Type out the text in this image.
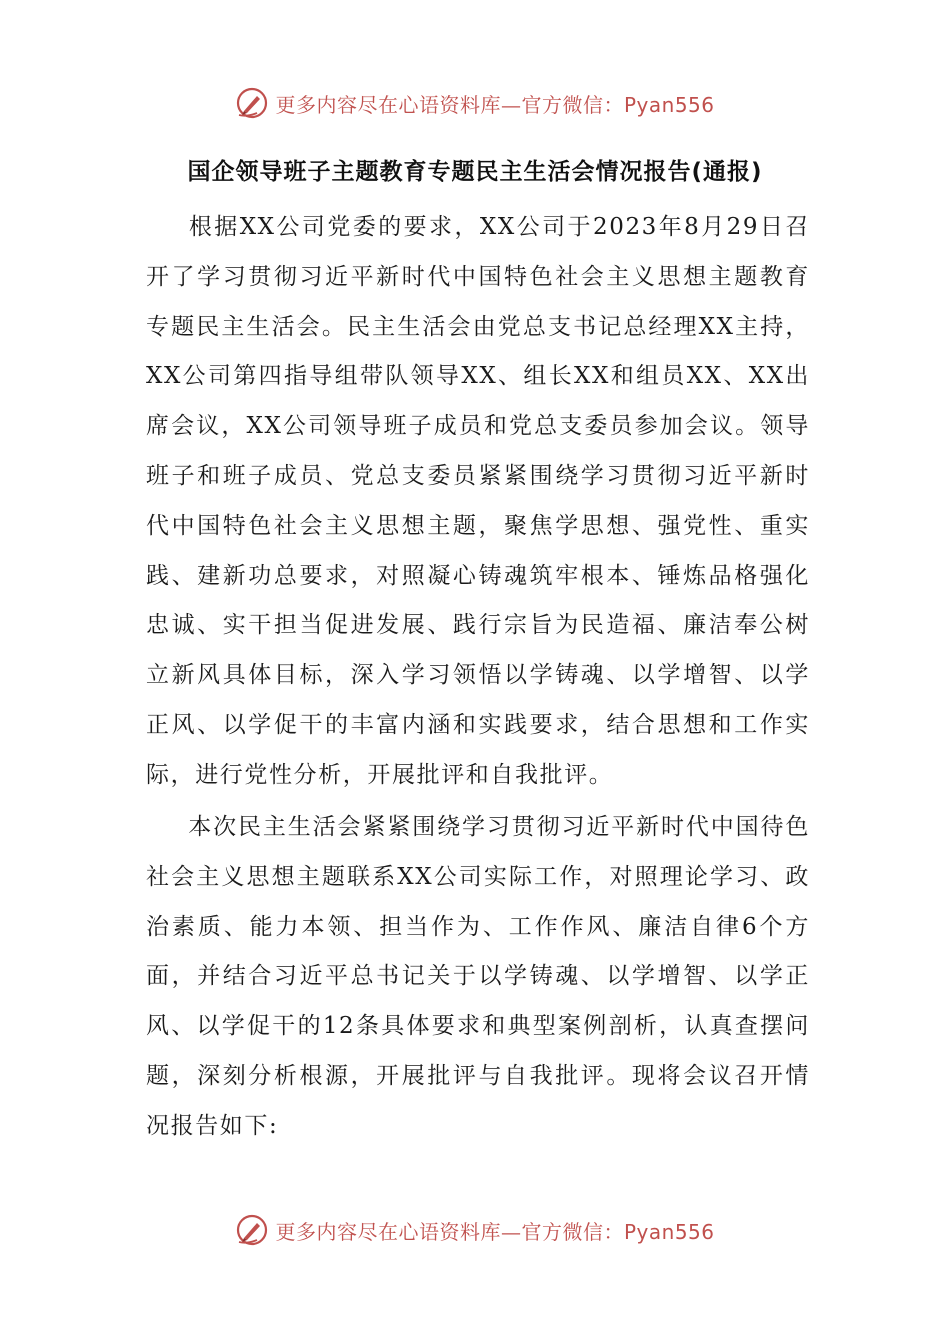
更多内容尽在心语资料库—官方微信：Pyan556
国企领导班子主题教育专题民主生活会情况报告(通报)

根据XX公司党委的要求，XX公司于2023年8月29日召开了学习贯彻习近平新时代中国特色社会主义思想主题教育专题民主生活会。民主生活会由党总支书记总经理XX主持，XX公司第四指导组带队领导XX、组长XX和组员XX、XX出席会议，XX公司领导班子成员和党总支委员参加会议。领导班子和班子成员、党总支委员紧紧围绕学习贯彻习近平新时代中国特色社会主义思想主题，聚焦学思想、强党性、重实践、建新功总要求，对照凝心铸魂筑牢根本、锤炼品格强化忠诚、实干担当促进发展、践行宗旨为民造福、廉洁奉公树立新风具体目标，深入学习领悟以学铸魂、以学增智、以学正风、以学促干的丰富内涵和实践要求，结合思想和工作实际，进行党性分析，开展批评和自我批评。

本次民主生活会紧紧围绕学习贯彻习近平新时代中国待色社会主义思想主题联系XX公司实际工作，对照理论学习、政治素质、能力本领、担当作为、工作作风、廉洁自律6个方面，并结合习近平总书记关于以学铸魂、以学增智、以学正风、以学促干的12条具体要求和典型案例剖析，认真查摆问题，深刻分析根源，开展批评与自我批评。现将会议召开情况报告如下:

更多内容尽在心语资料库—官方微信：Pyan556
